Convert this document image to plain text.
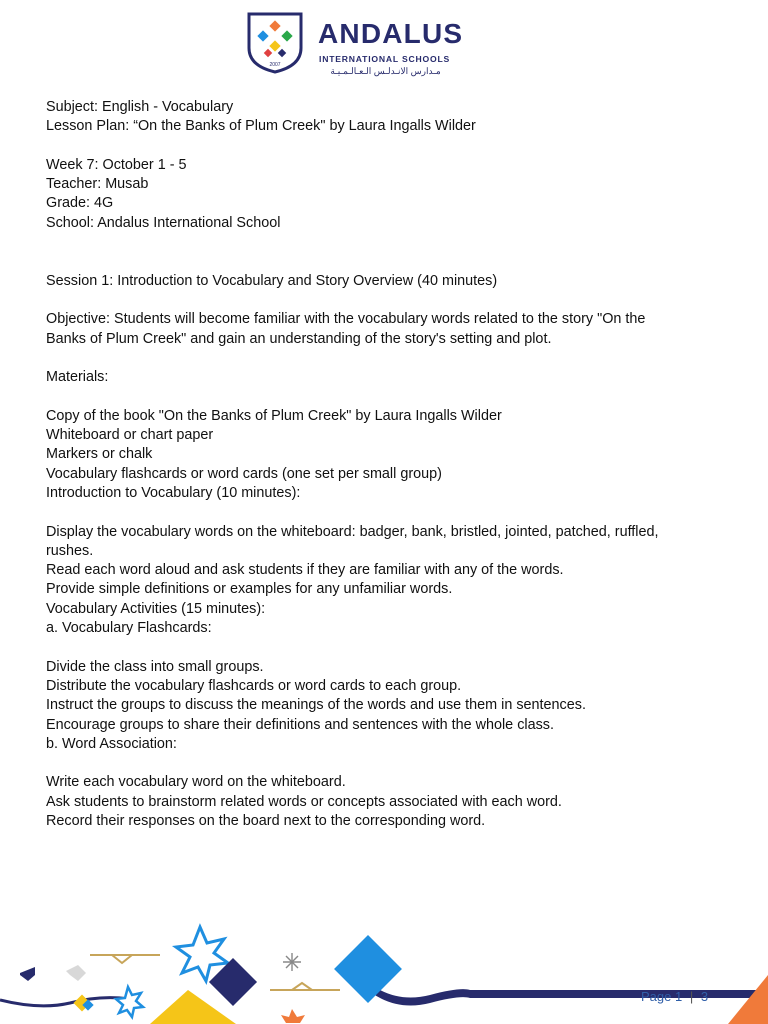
2007
ANDALUS
INTERNATIONAL SCHOOLS
مـدارس الانـدلـس الـعـالـمـيـة
Subject: English - Vocabulary
Lesson Plan: “On the Banks of Plum Creek" by Laura Ingalls Wilder
Week 7: October 1 - 5
Teacher: Musab
Grade: 4G
School: Andalus International School
Session 1: Introduction to Vocabulary and Story Overview (40 minutes)
Objective: Students will become familiar with the vocabulary words related to the story "On the
Banks of Plum Creek" and gain an understanding of the story's setting and plot.
Materials:
Copy of the book "On the Banks of Plum Creek" by Laura Ingalls Wilder
Whiteboard or chart paper
Markers or chalk
Vocabulary flashcards or word cards (one set per small group)
Introduction to Vocabulary (10 minutes):
Display the vocabulary words on the whiteboard: badger, bank, bristled, jointed, patched, ruffled,
rushes.
Read each word aloud and ask students if they are familiar with any of the words.
Provide simple definitions or examples for any unfamiliar words.
Vocabulary Activities (15 minutes):
a. Vocabulary Flashcards:
Divide the class into small groups.
Distribute the vocabulary flashcards or word cards to each group.
Instruct the groups to discuss the meanings of the words and use them in sentences.
Encourage groups to share their definitions and sentences with the whole class.
b. Word Association:
Write each vocabulary word on the whiteboard.
Ask students to brainstorm related words or concepts associated with each word.
Record their responses on the board next to the corresponding word.
Page 1 | 3
